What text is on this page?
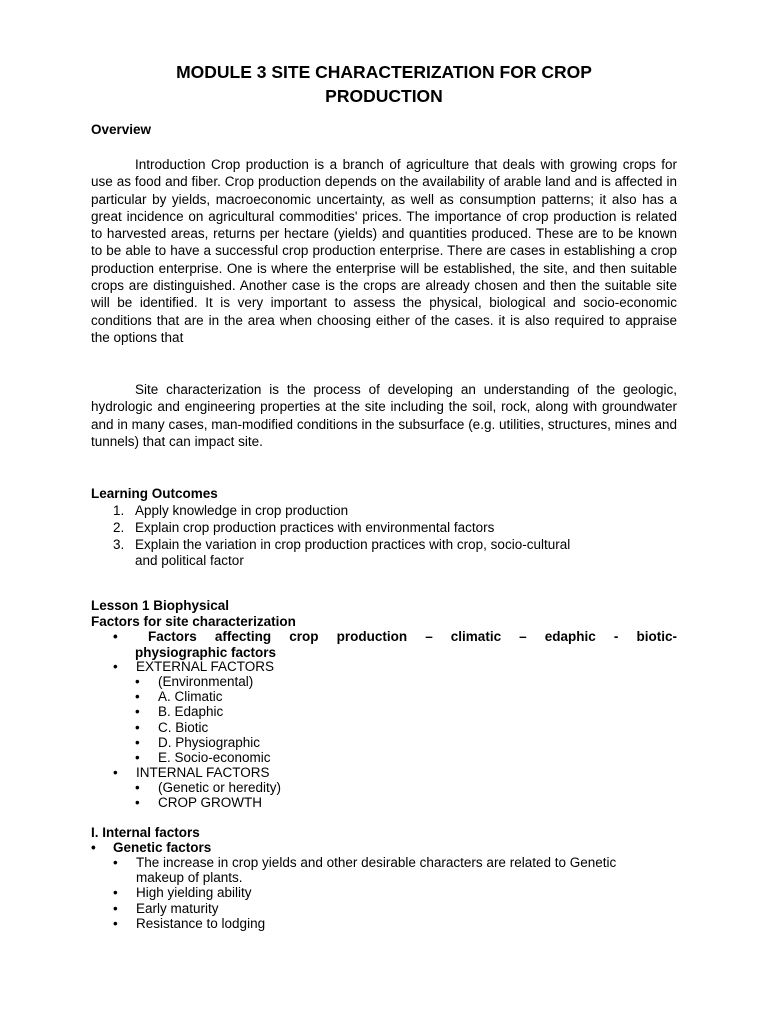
MODULE 3 SITE CHARACTERIZATION FOR CROP
PRODUCTION
Overview
Introduction Crop production is a branch of agriculture that deals with growing crops for use as food and fiber. Crop production depends on the availability of arable land and is affected in particular by yields, macroeconomic uncertainty, as well as consumption patterns; it also has a great incidence on agricultural commodities' prices. The importance of crop production is related to harvested areas, returns per hectare (yields) and quantities produced. These are to be known to be able to have a successful crop production enterprise. There are cases in establishing a crop production enterprise. One is where the enterprise will be established, the site, and then suitable crops are distinguished. Another case is the crops are already chosen and then the suitable site will be identified. It is very important to assess the physical, biological and socio-economic conditions that are in the area when choosing either of the cases. it is also required to appraise the options that
Site characterization is the process of developing an understanding of the geologic, hydrologic and engineering properties at the site including the soil, rock, along with groundwater and in many cases, man-modified conditions in the subsurface (e.g. utilities, structures, mines and tunnels) that can impact site.
Learning Outcomes
1. Apply knowledge in crop production
2. Explain crop production practices with environmental factors
3. Explain the variation in crop production practices with crop, socio-cultural
and political factor
Lesson 1 Biophysical
Factors for site characterization
• Factors affecting crop production – climatic – edaphic - biotic-
physiographic factors
• EXTERNAL FACTORS
• (Environmental)
• A. Climatic
• B. Edaphic
• C. Biotic
• D. Physiographic
• E. Socio-economic
• INTERNAL FACTORS
• (Genetic or heredity)
• CROP GROWTH
I. Internal factors
• Genetic factors
• The increase in crop yields and other desirable characters are related to Genetic
makeup of plants.
• High yielding ability
• Early maturity
• Resistance to lodging
